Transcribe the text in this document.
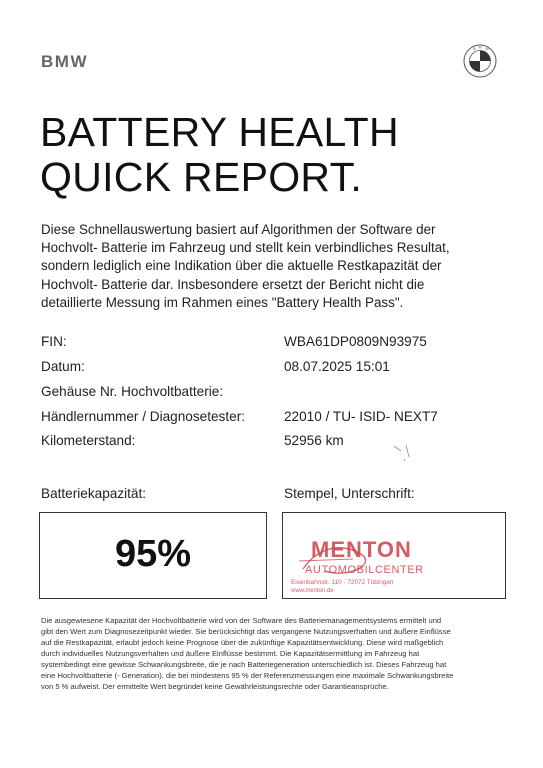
BMW
B M W
BATTERY HEALTH
QUICK REPORT.
Diese Schnellauswertung basiert auf Algorithmen der Software der
Hochvolt- Batterie im Fahrzeug und stellt kein verbindliches Resultat,
sondern lediglich eine Indikation über die aktuelle Restkapazität der
Hochvolt- Batterie dar. Insbesondere ersetzt der Bericht nicht die
detaillierte Messung im Rahmen eines "Battery Health Pass".
FIN:	WBA61DP0809N93975
Datum:	08.07.2025 15:01
Gehäuse Nr. Hochvoltbatterie:
Händlernummer / Diagnosetester:	22010 / TU- ISID- NEXT7
Kilometerstand:	52956 km
Batteriekapazität:	Stempel, Unterschrift:
95%	MENTON
AUTOMOBILCENTER
Eisenbahnstr. 110 · 72072 Tübingen
www.menton.de
Die ausgewiesene Kapazität der Hochvoltbatterie wird von der Software des Batteriemanagementsystems ermittelt und
gibt den Wert zum Diagnosezeitpunkt wieder. Sie berücksichtigt das vergangene Nutzungsverhalten und äußere Einflüsse
auf die Restkapazität, erlaubt jedoch keine Prognose über die zukünftige Kapazitätsentwicklung. Diese wird maßgeblich
durch individuelles Nutzungsverhalten und äußere Einflüsse bestimmt. Die Kapazitätsermittlung im Fahrzeug hat
systembedingt eine gewisse Schwankungsbreite, die je nach Batteriegeneration unterschiedlich ist. Dieses Fahrzeug hat
eine Hochvoltbatterie (- Generation), die bei mindestens 95 % der Referenzmessungen eine maximale Schwankungsbreite
von 5 % aufweist. Der ermittelte Wert begründet keine Gewährleistungsrechte oder Garantieansprüche.
